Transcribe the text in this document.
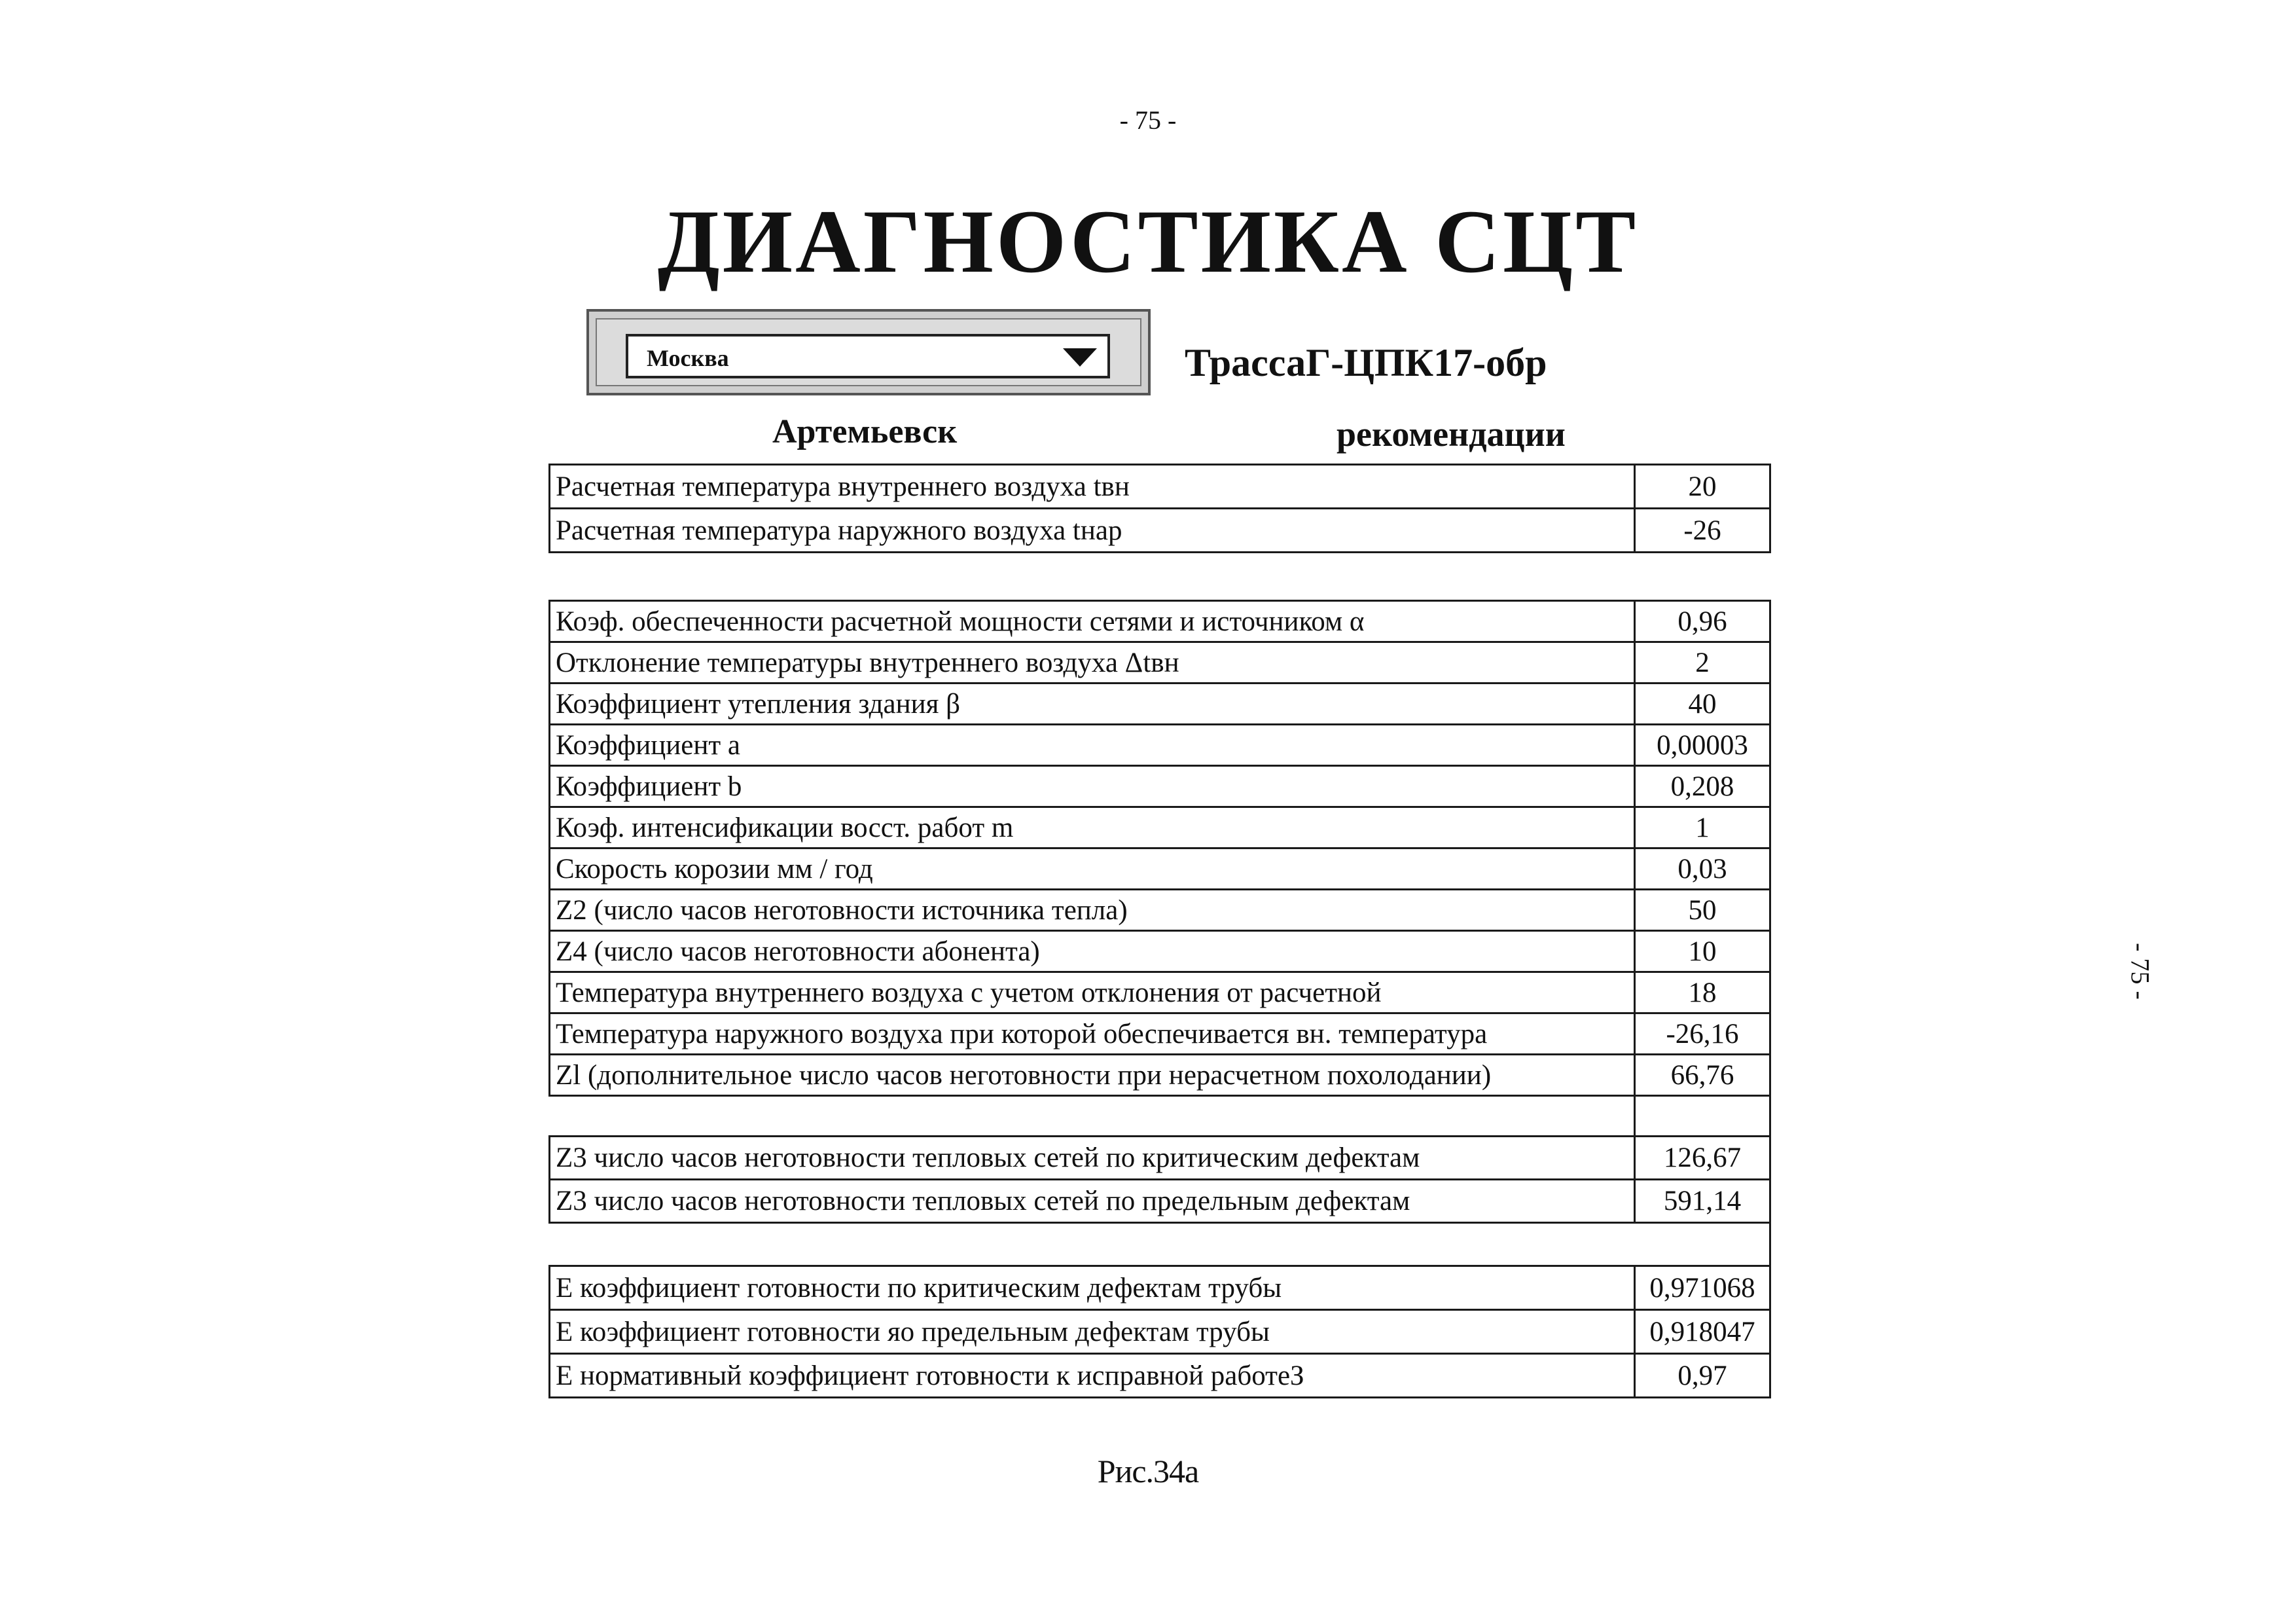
- 75 -
- 75 -
ДИАГНОСТИКА СЦТ
Москва	ТрассаГ-ЦПК17-обр
Артемьевск	рекомендации
Расчетная температура внутреннего воздуха tвн	20
Расчетная температура наружного воздуха tнар	-26
Коэф. обеспеченности расчетной мощности сетями и источником α	0,96
Отклонение температуры внутреннего воздуха Δtвн	2
Коэффициент утепления здания β	40
Коэффициент a	0,00003
Коэффициент b	0,208
Коэф. интенсификации восст. работ m	1
Скорость корозии мм / год	0,03
Z2 (число часов неготовности источника тепла)	50
Z4 (число часов неготовности абонента)	10
Температура внутреннего воздуха с учетом отклонения от расчетной	18
Температура наружного воздуха при которой обеспечивается вн. температура	-26,16
Zl (дополнительное число часов неготовности при нерасчетном похолодании)	66,76
Z3 число часов неготовности тепловых сетей по критическим дефектам	126,67
Z3 число часов неготовности тепловых сетей по предельным дефектам	591,14
E коэффициент готовности по критическим дефектам трубы	0,971068
E коэффициент готовности яо предельным дефектам трубы	0,918047
E нормативный коэффициент готовности к исправной работеЗ	0,97
Рис.34а
